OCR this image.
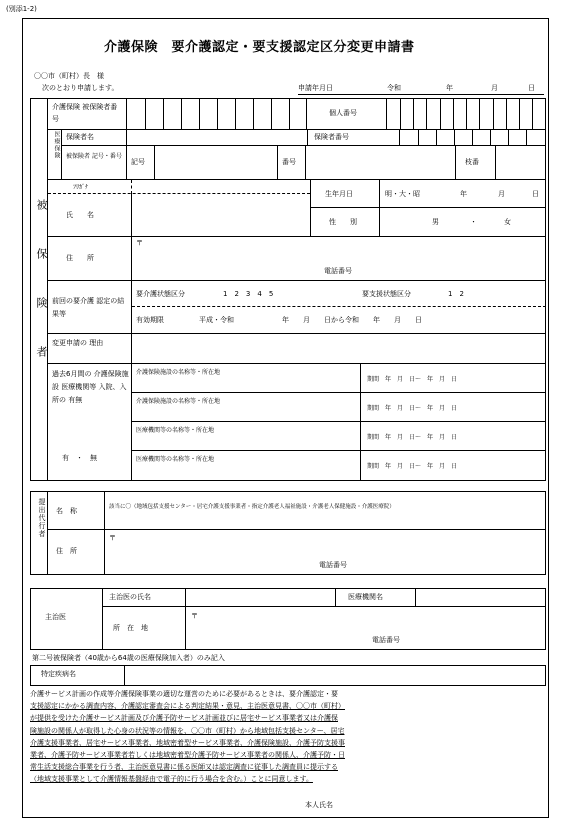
(別添1-2)
介護保険　要介護認定・要支援認定区分変更申請書
〇〇市（町村）長　様
次のとおり申請します。	申請年月日	令和	年	月	日
介護保険 被保険者番号
個人番号
医療保険 保険者名	保険者番号
被保険者 記号・番号
記号	番号	枝番
被保険者
ﾌﾘｶﾞﾅ
氏　　名
生年月日	明・大・昭	年	月	日
性　　別	男	・	女
住　　所
〒
電話番号
前回の要介護 認定の結果等
要介護状態区分	1　2　3　4　5	要支援状態区分	1　2
有効期限	平成・令和	年　　月　　日から令和　　年　　月　　日
変更申請の 理由
過去6月間の 介護保険施設 医療機関等 入院、入所の 有無
有　・　無
介護保険施設の名称等・所在地
期間　年　月　日～　年　月　日
介護保険施設の名称等・所在地
期間　年　月　日～　年　月　日
医療機関等の名称等・所在地
期間　年　月　日～　年　月　日
医療機関等の名称等・所在地
期間　年　月　日～　年　月　日
提出代行者 名　称	該当に〇（地域包括支援センター・居宅介護支援事業者・指定介護老人福祉施設・介護老人保健施設・介護医療院）
住　所
〒
電話番号
主治医
主治医の氏名	医療機関名
所　在　地
〒
電話番号
第二号被保険者（40歳から64歳の医療保険加入者）のみ記入
特定疾病名
介護サービス計画の作成等介護保険事業の適切な運営のために必要があるときは、要介護認定・要
支援認定にかかる調査内容、介護認定審査会による判定結果・意見、主治医意見書、〇〇市（町村）
が提供を受けた介護サービス計画及び介護予防サービス計画並びに居宅サービス事業者又は介護保
険施設の関係人が取得した心身の状況等の情報を、〇〇市（町村）から地域包括支援センター、居宅
介護支援事業者、居宅サービス事業者、地域密着型サービス事業者、介護保険施設、介護予防支援事
業者、介護予防サービス事業者若しくは地域密着型介護予防サービス事業者の関係人、介護予防・日
常生活支援総合事業を行う者、主治医意見書に係る医師又は認定調査に従事した調査員に提示する
（地域支援事業として介護情報基盤経由で電子的に行う場合を含む。）ことに同意します。
本人氏名
